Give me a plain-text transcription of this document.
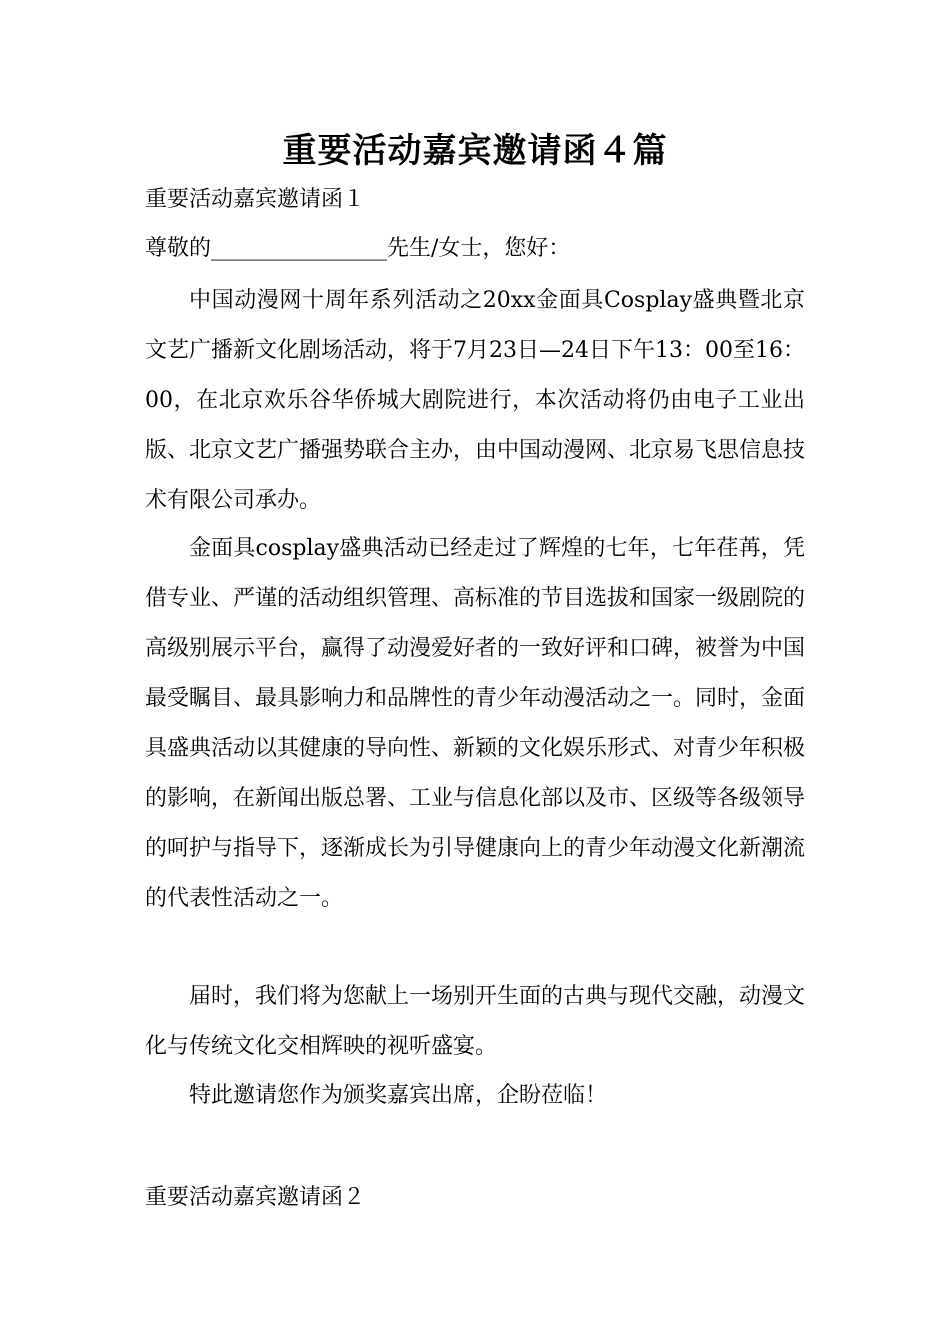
重要活动嘉宾邀请函４篇
重要活动嘉宾邀请函１
尊敬的________________先生/女士，您好：

中国动漫网十周年系列活动之20xx金面具Cosplay盛典暨北京文艺广播新文化剧场活动，将于7月23日—24日下午13：00至16：00，在北京欢乐谷华侨城大剧院进行，本次活动将仍由电子工业出版、北京文艺广播强势联合主办，由中国动漫网、北京易飞思信息技术有限公司承办。

金面具cosplay盛典活动已经走过了辉煌的七年，七年荏苒，凭借专业、严谨的活动组织管理、高标准的节目选拔和国家一级剧院的高级别展示平台，赢得了动漫爱好者的一致好评和口碑，被誉为中国最受瞩目、最具影响力和品牌性的青少年动漫活动之一。同时，金面具盛典活动以其健康的导向性、新颖的文化娱乐形式、对青少年积极的影响，在新闻出版总署、工业与信息化部以及市、区级等各级领导的呵护与指导下，逐渐成长为引导健康向上的青少年动漫文化新潮流的代表性活动之一。

届时，我们将为您献上一场别开生面的古典与现代交融，动漫文化与传统文化交相辉映的视听盛宴。

特此邀请您作为颁奖嘉宾出席，企盼莅临！

重要活动嘉宾邀请函２
